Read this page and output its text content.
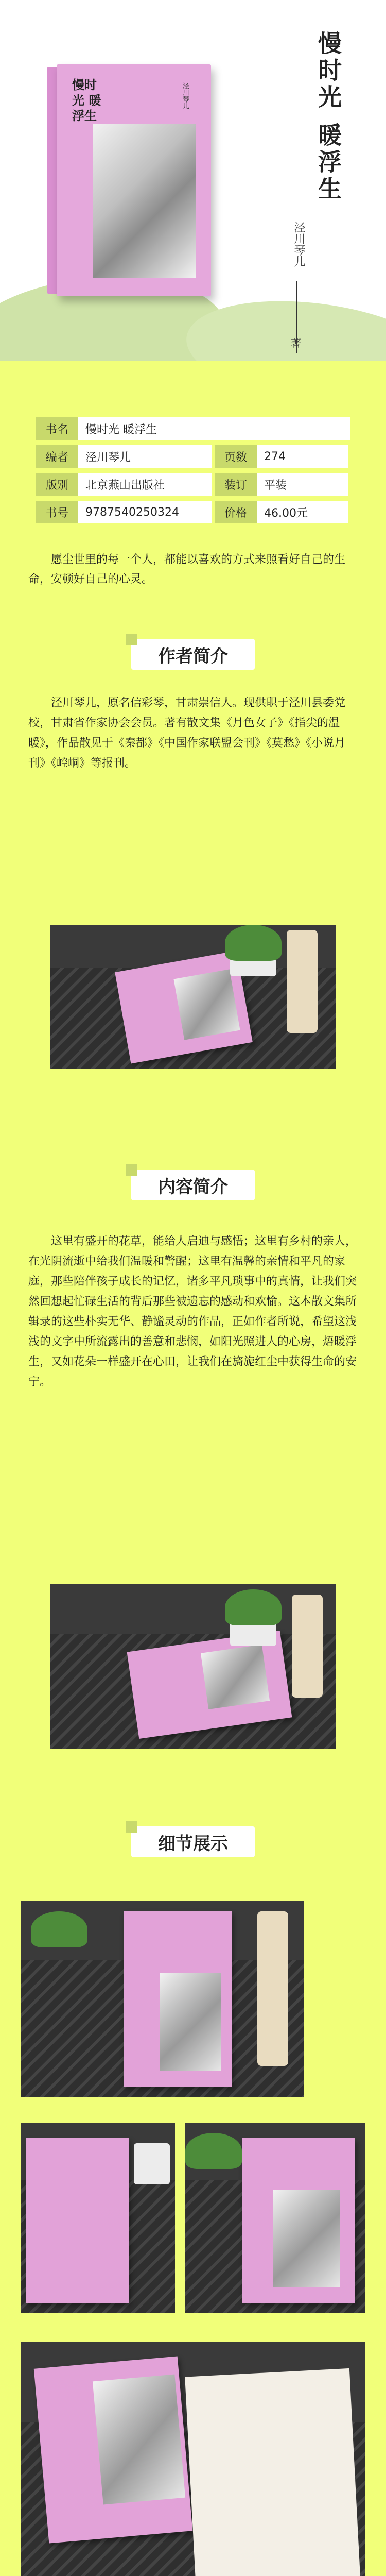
慢时光 暖浮生
泾川琴儿	慢时光 暖浮生
泾川琴儿
著
书名	慢时光 暖浮生
编者	泾川琴儿	页数	274
版别	北京燕山出版社	装订	平装
书号	9787540250324	价格	46.00元
愿尘世里的每一个人，都能以喜欢的方式来照看好自己的生命，安顿好自己的心灵。
作者简介
泾川琴儿，原名信彩琴，甘肃崇信人。现供职于泾川县委党校，甘肃省作家协会会员。著有散文集《月色女子》《指尖的温暖》，作品散见于《秦都》《中国作家联盟会刊》《莫愁》《小说月刊》《崆峒》等报刊。
内容简介
这里有盛开的花草，能给人启迪与感悟；这里有乡村的亲人，在光阴流逝中给我们温暖和警醒；这里有温馨的亲情和平凡的家庭，那些陪伴孩子成长的记忆，诸多平凡琐事中的真情，让我们突然回想起忙碌生活的背后那些被遗忘的感动和欢愉。这本散文集所辑录的这些朴实无华、静谧灵动的作品，正如作者所说，希望这浅浅的文字中所流露出的善意和悲悯，如阳光照进人的心房，焐暖浮生，又如花朵一样盛开在心田，让我们在旖旎红尘中获得生命的安宁。
细节展示
